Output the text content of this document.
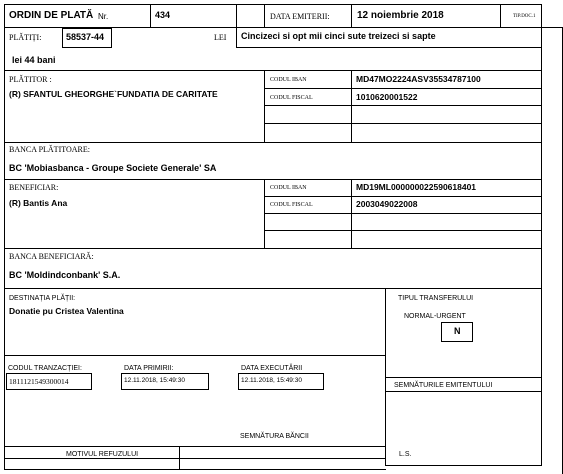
ORDIN DE PLATĂ Nr.	434	DATA EMITERII:	12 noiembrie 2018	TIP.DOC.1
PLĂTIȚI:	58537-44	LEI Cincizeci si opt mii cinci sute treizeci si sapte
lei 44 bani
PLĂTITOR :
(R) SFANTUL GHEORGHE`FUNDATIA DE CARITATE
CODUL IBAN	MD47MO2224ASV35534787100
CODUL FISCAL	1010620001522
BANCA PLĂTITOARE:
BC 'Mobiasbanca - Groupe Societe Generale' SA
BENEFICIAR:
(R) Bantis Ana
CODUL IBAN	MD19ML000000022590618401
CODUL FISCAL	2003049022008
BANCA BENEFICIARĂ:
BC 'Moldindconbank' S.A.
DESTINAȚIA PLĂȚII:
Donatie pu Cristea Valentina
TIPUL TRANSFERULUI
NORMAL-URGENT
N
CODUL TRANZACȚIEI:
1811121549300014
DATA PRIMIRII:
12.11.2018, 15:49:30
DATA EXECUTĂRII
12.11.2018, 15:49:30
SEMNĂTURILE EMITENTULUI
SEMNĂTURA BĂNCII
MOTIVUL REFUZULUI	L.S.
